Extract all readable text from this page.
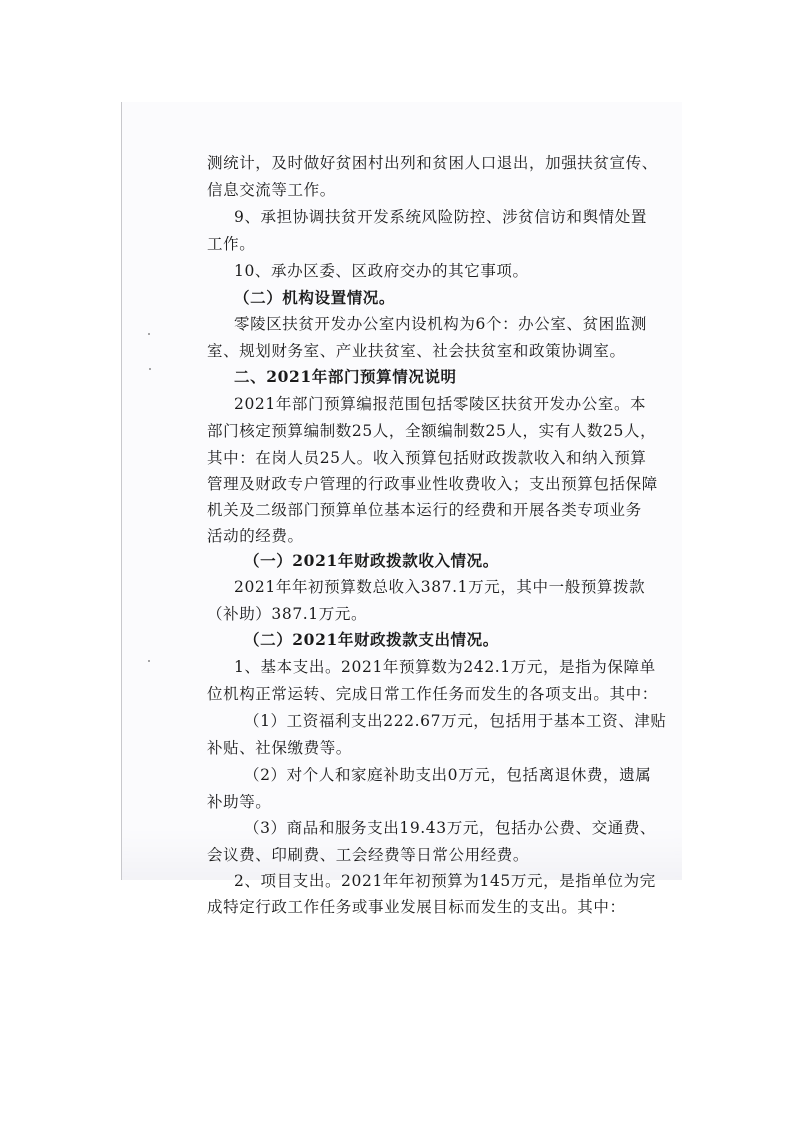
测统计，及时做好贫困村出列和贫困人口退出，加强扶贫宣传、
信息交流等工作。
9、承担协调扶贫开发系统风险防控、涉贫信访和舆情处置
工作。
10、承办区委、区政府交办的其它事项。
（二）机构设置情况。
零陵区扶贫开发办公室内设机构为6个：办公室、贫困监测
室、规划财务室、产业扶贫室、社会扶贫室和政策协调室。
二、2021年部门预算情况说明
2021年部门预算编报范围包括零陵区扶贫开发办公室。本
部门核定预算编制数25人，全额编制数25人，实有人数25人，
其中：在岗人员25人。收入预算包括财政拨款收入和纳入预算
管理及财政专户管理的行政事业性收费收入；支出预算包括保障
机关及二级部门预算单位基本运行的经费和开展各类专项业务
活动的经费。
（一）2021年财政拨款收入情况。
2021年年初预算数总收入387.1万元，其中一般预算拨款
（补助）387.1万元。
（二）2021年财政拨款支出情况。
1、基本支出。2021年预算数为242.1万元，是指为保障单
位机构正常运转、完成日常工作任务而发生的各项支出。其中：
（1）工资福利支出222.67万元，包括用于基本工资、津贴
补贴、社保缴费等。
（2）对个人和家庭补助支出0万元，包括离退休费，遗属
补助等。
（3）商品和服务支出19.43万元，包括办公费、交通费、
会议费、印刷费、工会经费等日常公用经费。
2、项目支出。2021年年初预算为145万元，是指单位为完
成特定行政工作任务或事业发展目标而发生的支出。其中：
